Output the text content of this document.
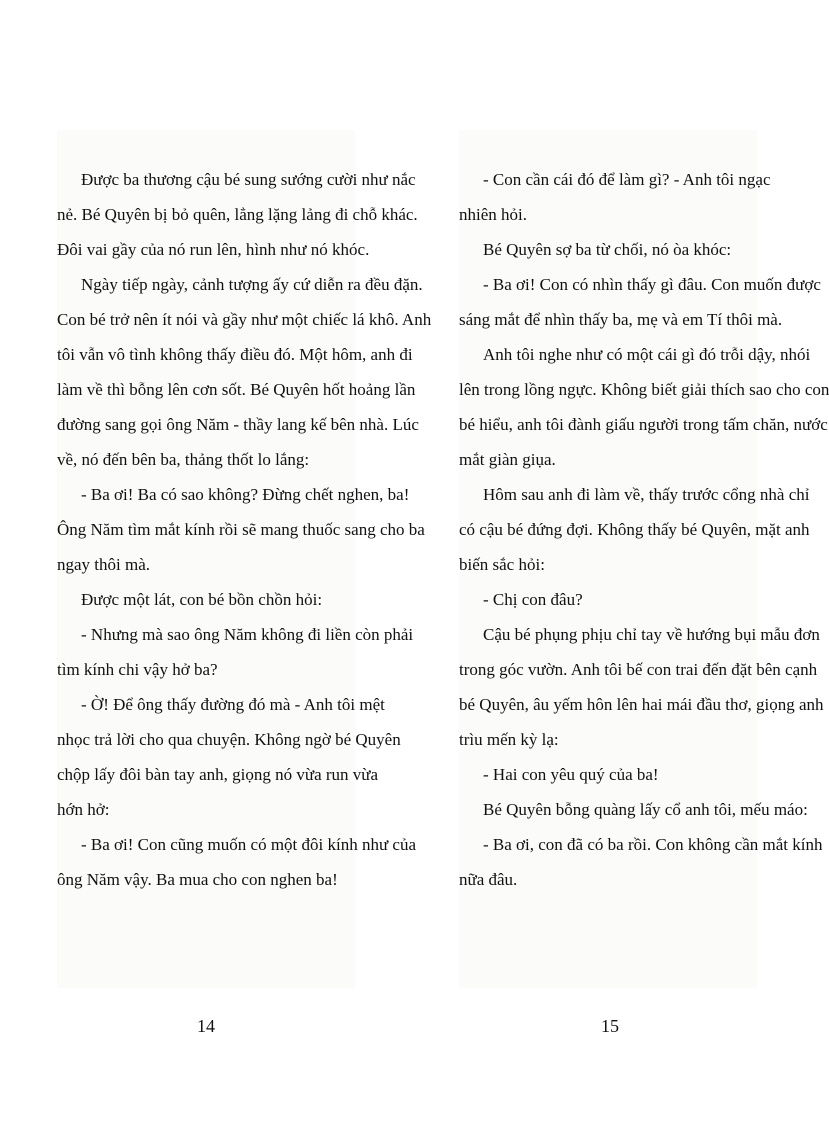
Được ba thương cậu bé sung sướng cười như nắc
nẻ. Bé Quyên bị bỏ quên, lẳng lặng lảng đi chỗ khác.
Đôi vai gầy của nó run lên, hình như nó khóc.
Ngày tiếp ngày, cảnh tượng ấy cứ diễn ra đều đặn.
Con bé trở nên ít nói và gầy như một chiếc lá khô. Anh
tôi vẫn vô tình không thấy điều đó. Một hôm, anh đi
làm về thì bỗng lên cơn sốt. Bé Quyên hốt hoảng lần
đường sang gọi ông Năm - thầy lang kế bên nhà. Lúc
về, nó đến bên ba, thảng thốt lo lắng:
- Ba ơi! Ba có sao không? Đừng chết nghen, ba!
Ông Năm tìm mắt kính rồi sẽ mang thuốc sang cho ba
ngay thôi mà.
Được một lát, con bé bồn chồn hỏi:
- Nhưng mà sao ông Năm không đi liền còn phải
tìm kính chi vậy hở ba?
- Ờ! Để ông thấy đường đó mà - Anh tôi mệt
nhọc trả lời cho qua chuyện. Không ngờ bé Quyên
chộp lấy đôi bàn tay anh, giọng nó vừa run vừa
hớn hở:
- Ba ơi! Con cũng muốn có một đôi kính như của
ông Năm vậy. Ba mua cho con nghen ba!
14
- Con cần cái đó để làm gì? - Anh tôi ngạc
nhiên hỏi.
Bé Quyên sợ ba từ chối, nó òa khóc:
- Ba ơi! Con có nhìn thấy gì đâu. Con muốn được
sáng mắt để nhìn thấy ba, mẹ và em Tí thôi mà.
Anh tôi nghe như có một cái gì đó trỗi dậy, nhói
lên trong lồng ngực. Không biết giải thích sao cho con
bé hiểu, anh tôi đành giấu người trong tấm chăn, nước
mắt giàn giụa.
Hôm sau anh đi làm về, thấy trước cổng nhà chỉ
có cậu bé đứng đợi. Không thấy bé Quyên, mặt anh
biến sắc hỏi:
- Chị con đâu?
Cậu bé phụng phịu chỉ tay về hướng bụi mẫu đơn
trong góc vườn. Anh tôi bế con trai đến đặt bên cạnh
bé Quyên, âu yếm hôn lên hai mái đầu thơ, giọng anh
trìu mến kỳ lạ:
- Hai con yêu quý của ba!
Bé Quyên bỗng quàng lấy cổ anh tôi, mếu máo:
- Ba ơi, con đã có ba rồi. Con không cần mắt kính
nữa đâu.
15
